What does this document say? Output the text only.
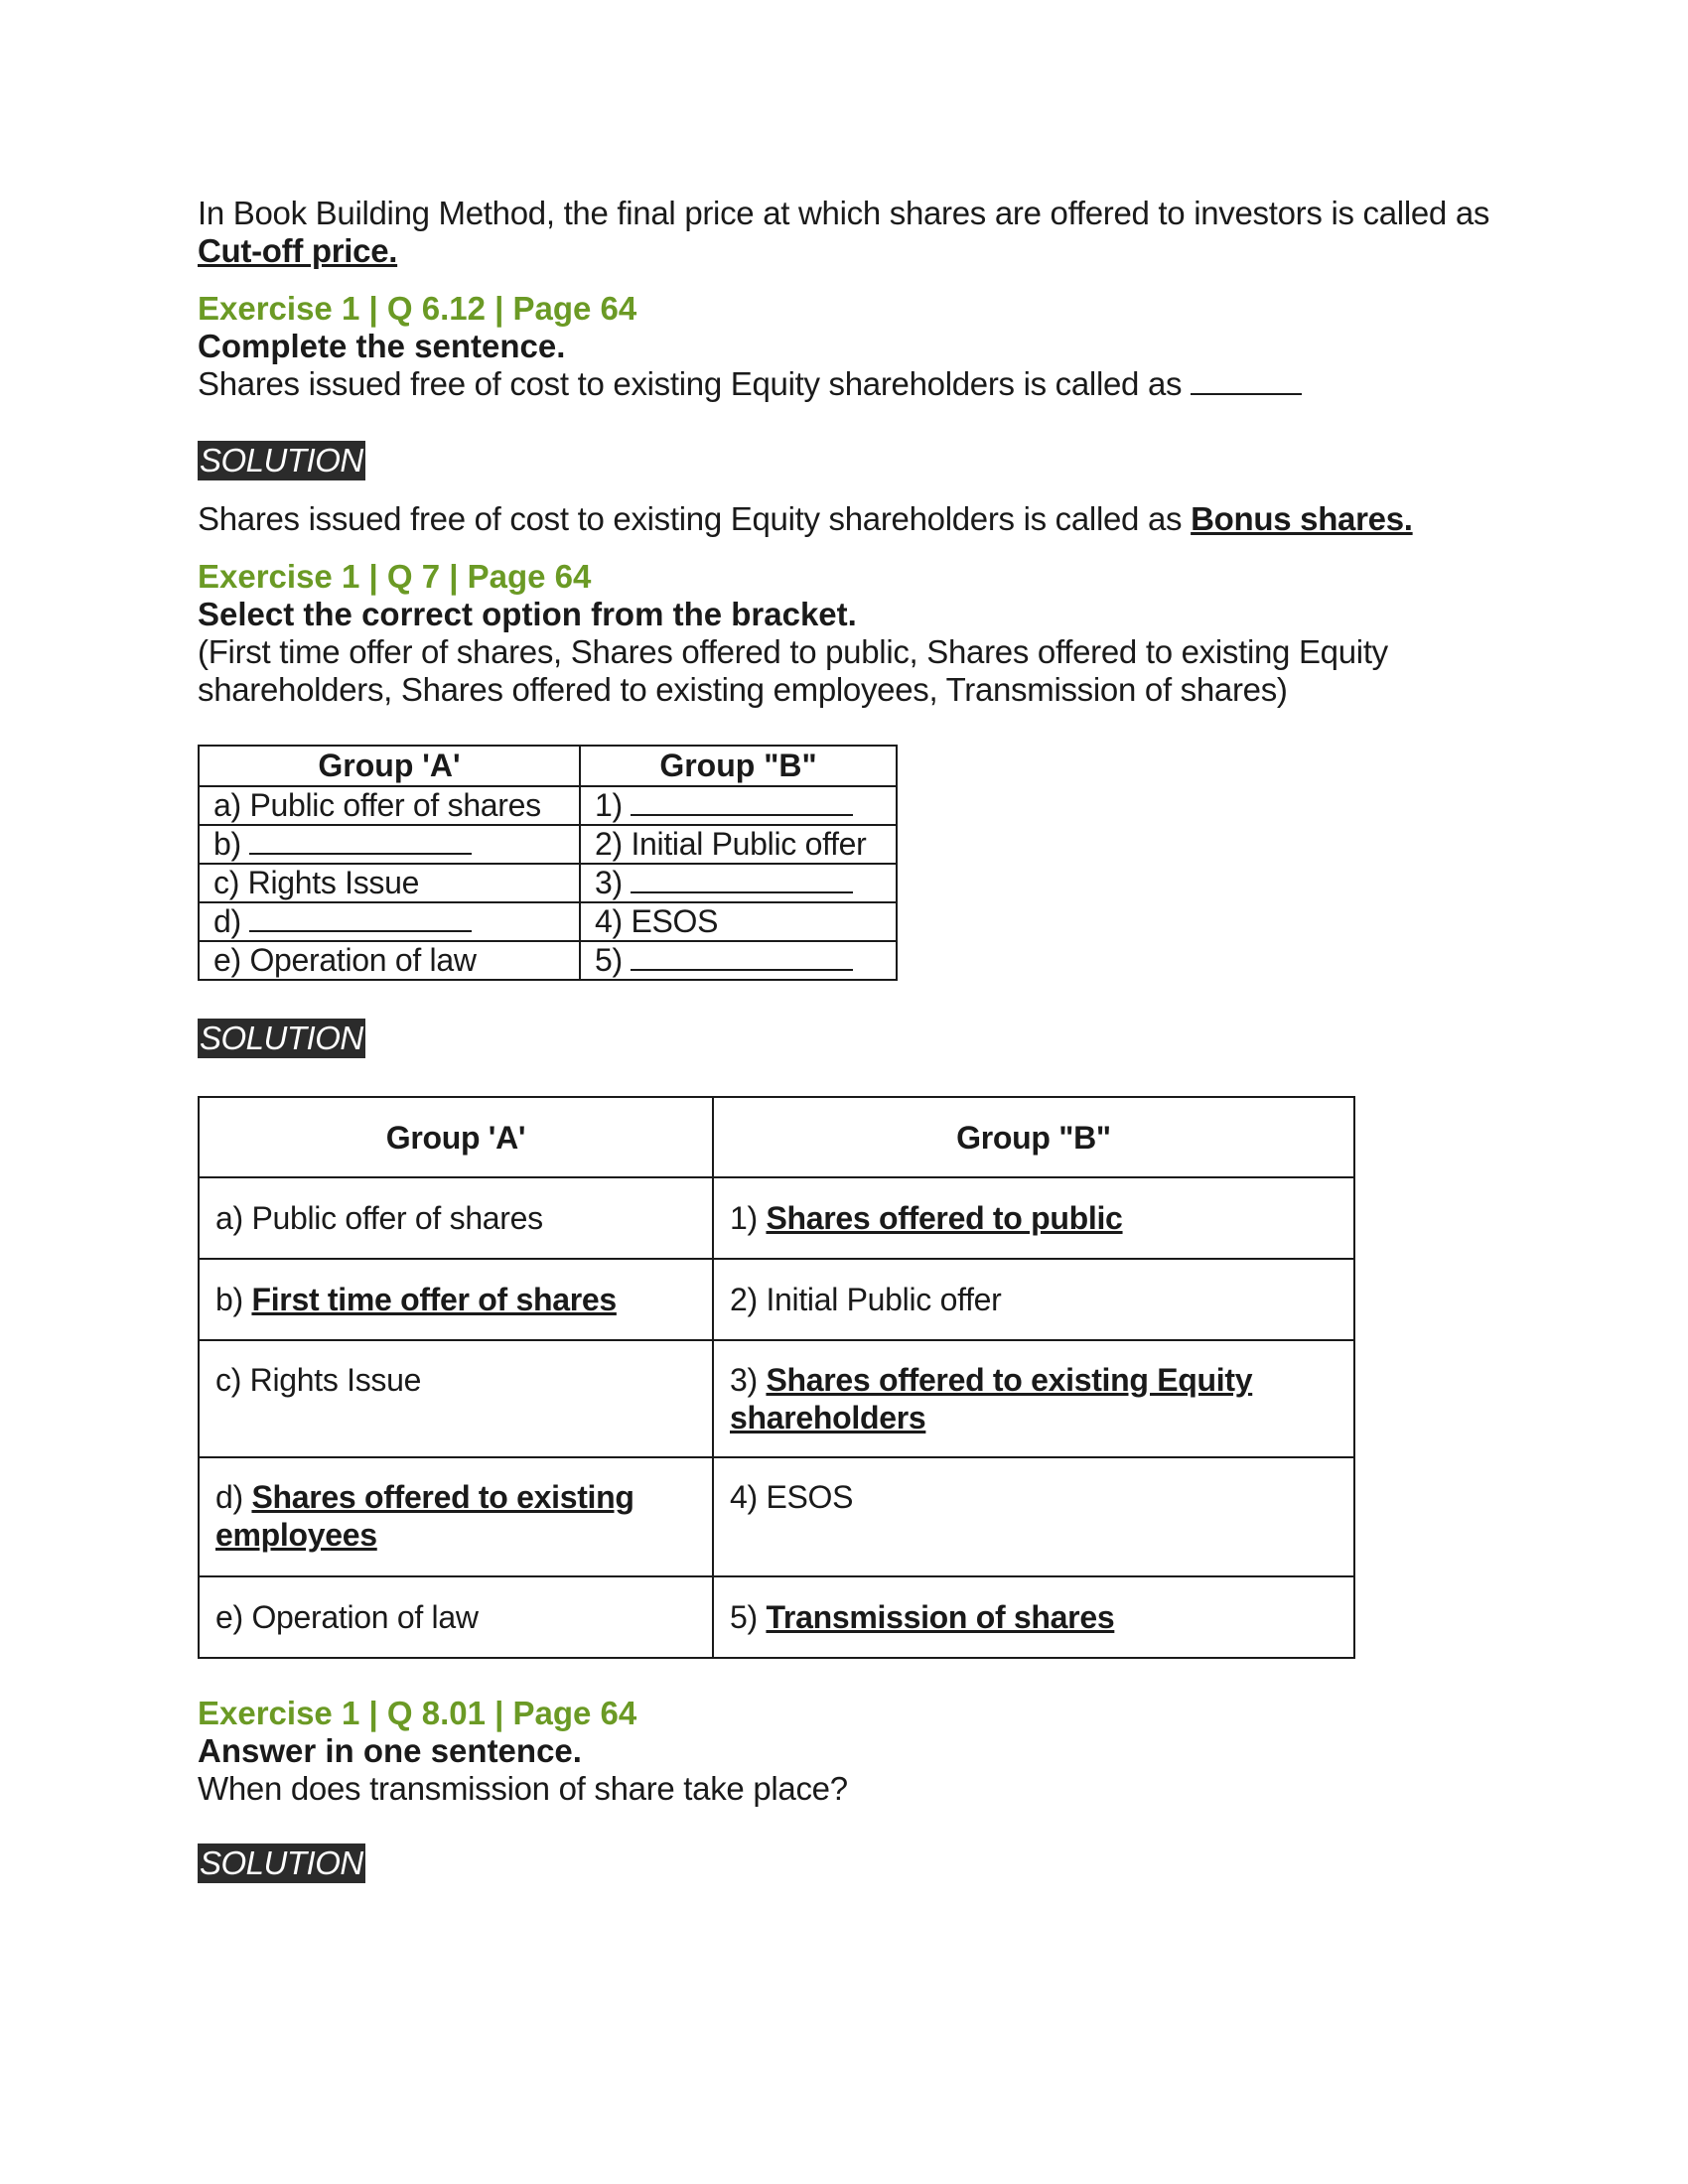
In Book Building Method, the final price at which shares are offered to investors is called as Cut-off price.

Exercise 1 | Q 6.12 | Page 64

Complete the sentence.

Shares issued free of cost to existing Equity shareholders is called as

SOLUTION

Shares issued free of cost to existing Equity shareholders is called as Bonus shares.

Exercise 1 | Q 7 | Page 64

Select the correct option from the bracket.

(First time offer of shares, Shares offered to public, Shares offered to existing Equity shareholders, Shares offered to existing employees, Transmission of shares)

Group 'A'	Group "B"
a) Public offer of shares	1)
b)	2) Initial Public offer
c) Rights Issue	3)
d)	4) ESOS
e) Operation of law	5)
SOLUTION
Group 'A'	Group "B"
a) Public offer of shares	1) Shares offered to public
b) First time offer of shares	2) Initial Public offer
c) Rights Issue	3) Shares offered to existing Equity shareholders
d) Shares offered to existing employees	4) ESOS
e) Operation of law	5) Transmission of shares

Exercise 1 | Q 8.01 | Page 64

Answer in one sentence.

When does transmission of share take place?

SOLUTION
